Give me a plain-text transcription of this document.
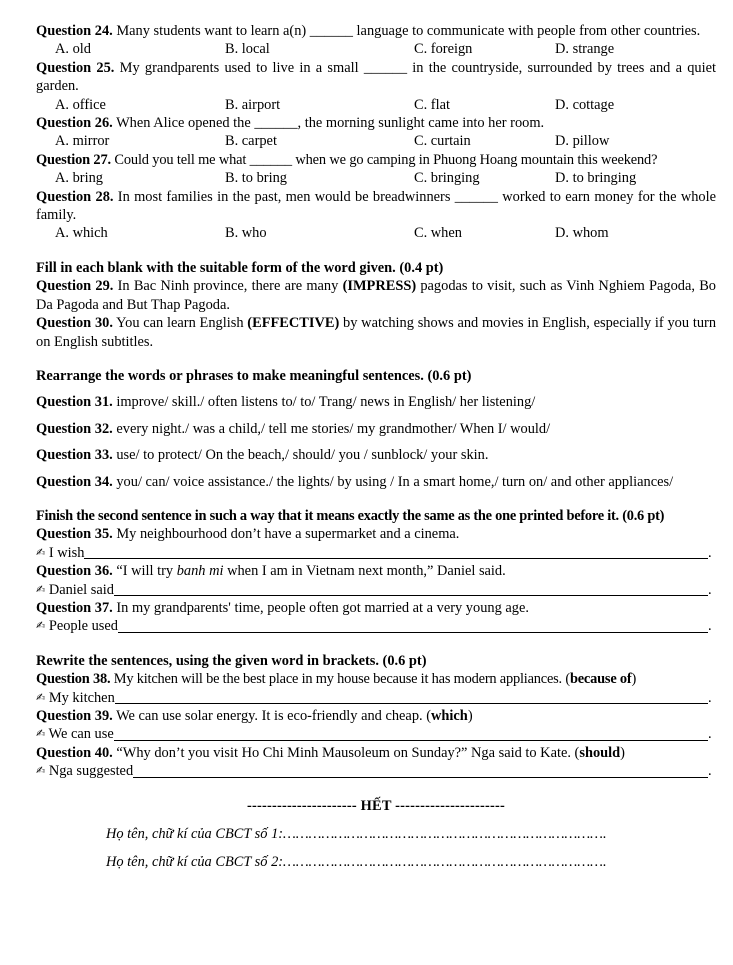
Question 24. Many students want to learn a(n) ______ language to communicate with people from other countries.

A. old	B. local	C. foreign	D. strange

Question 25. My grandparents used to live in a small ______ in the countryside, surrounded by trees and a quiet garden.

A. office	B. airport	C. flat	D. cottage

Question 26. When Alice opened the ______, the morning sunlight came into her room.

A. mirror	B. carpet	C. curtain	D. pillow

Question 27. Could you tell me what ______ when we go camping in Phuong Hoang mountain this weekend?

A. bring	B. to bring	C. bringing	D. to bringing

Question 28. In most families in the past, men would be breadwinners ______ worked to earn money for the whole family.

A. which	B. who	C. when	D. whom
Fill in each blank with the suitable form of the word given. (0.4 pt)

Question 29. In Bac Ninh province, there are many (IMPRESS) pagodas to visit, such as Vinh Nghiem Pagoda, Bo Da Pagoda and But Thap Pagoda.

Question 30. You can learn English (EFFECTIVE) by watching shows and movies in English, especially if you turn on English subtitles.

Rearrange the words or phrases to make meaningful sentences. (0.6 pt)

Question 31. improve/ skill./ often listens to/ to/ Trang/ news in English/ her listening/

Question 32. every night./ was a child,/ tell me stories/ my grandmother/ When I/ would/

Question 33. use/ to protect/ On the beach,/ should/ you / sunblock/ your skin.

Question 34. you/ can/ voice assistance./ the lights/ by using / In a smart home,/ turn on/ and other appliances/

Finish the second sentence in such a way that it means exactly the same as the one printed before it. (0.6 pt)

Question 35. My neighbourhood don’t have a supermarket and a cinema.

✍ I wish	.

Question 36. “I will try banh mi when I am in Vietnam next month,” Daniel said.

✍ Daniel said	.

Question 37. In my grandparents' time, people often got married at a very young age.

✍ People used	.
Rewrite the sentences, using the given word in brackets. (0.6 pt)

Question 38. My kitchen will be the best place in my house because it has modern appliances. (because of)

✍ My kitchen	.

Question 39. We can use solar energy. It is eco-friendly and cheap. (which)

✍ We can use	.

Question 40. “Why don’t you visit Ho Chi Minh Mausoleum on Sunday?” Nga said to Kate. (should)

✍ Nga suggested	.
---------------------- HẾT ----------------------
Họ tên, chữ kí của CBCT số 1:………………………………………………………………….
Họ tên, chữ kí của CBCT số 2:………………………………………………………………….
